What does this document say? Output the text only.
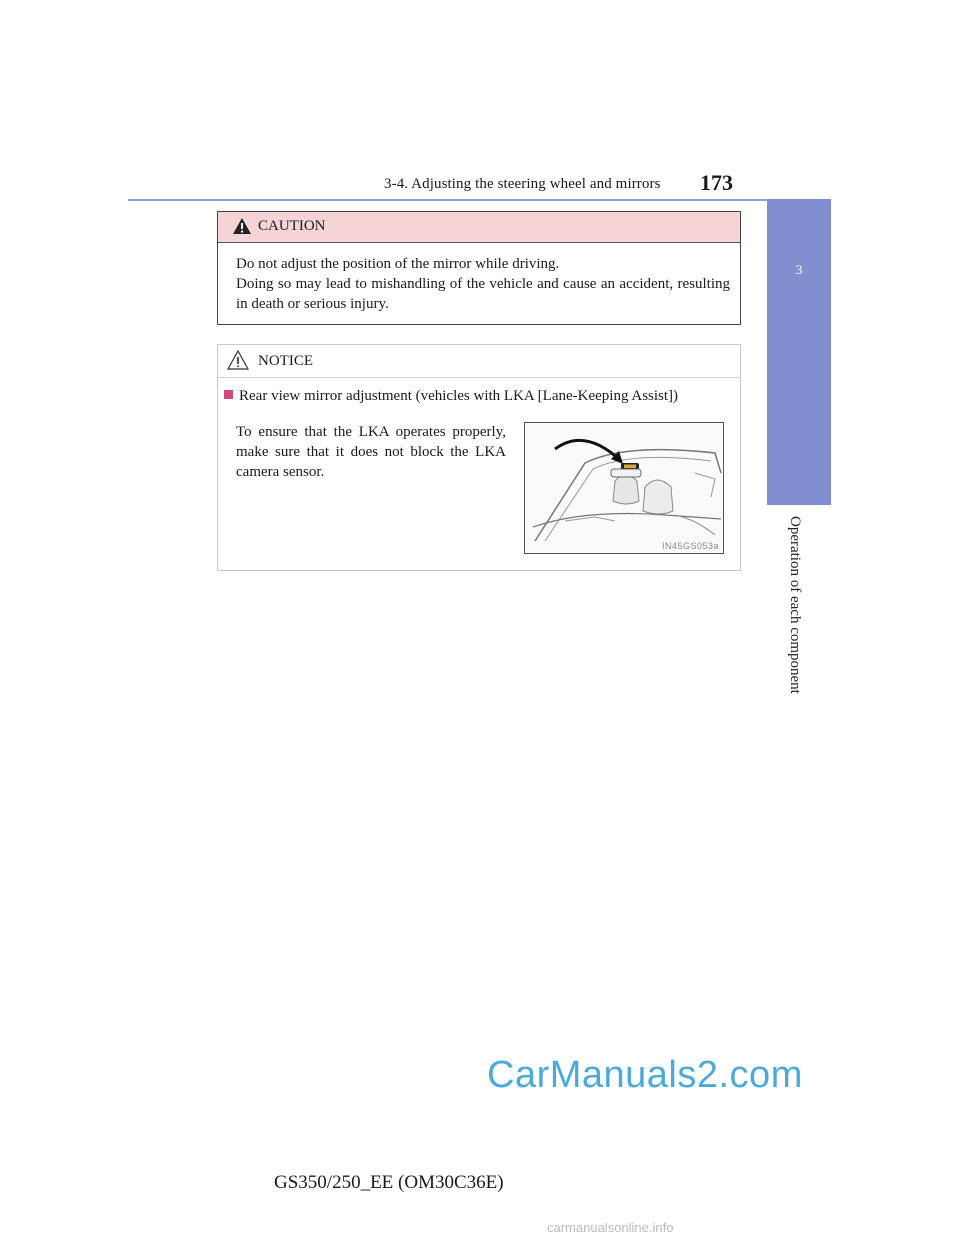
3-4. Adjusting the steering wheel and mirrors 173
3
Operation of each component
CAUTION

Do not adjust the position of the mirror while driving.

Doing so may lead to mishandling of the vehicle and cause an accident, resulting in death or serious injury.

NOTICE
Rear view mirror adjustment (vehicles with LKA [Lane-Keeping Assist])
To ensure that the LKA operates properly, make sure that it does not block the LKA camera sensor.
IN45GS053a
CarManuals2.com
GS350/250_EE (OM30C36E)
carmanualsonline.info
